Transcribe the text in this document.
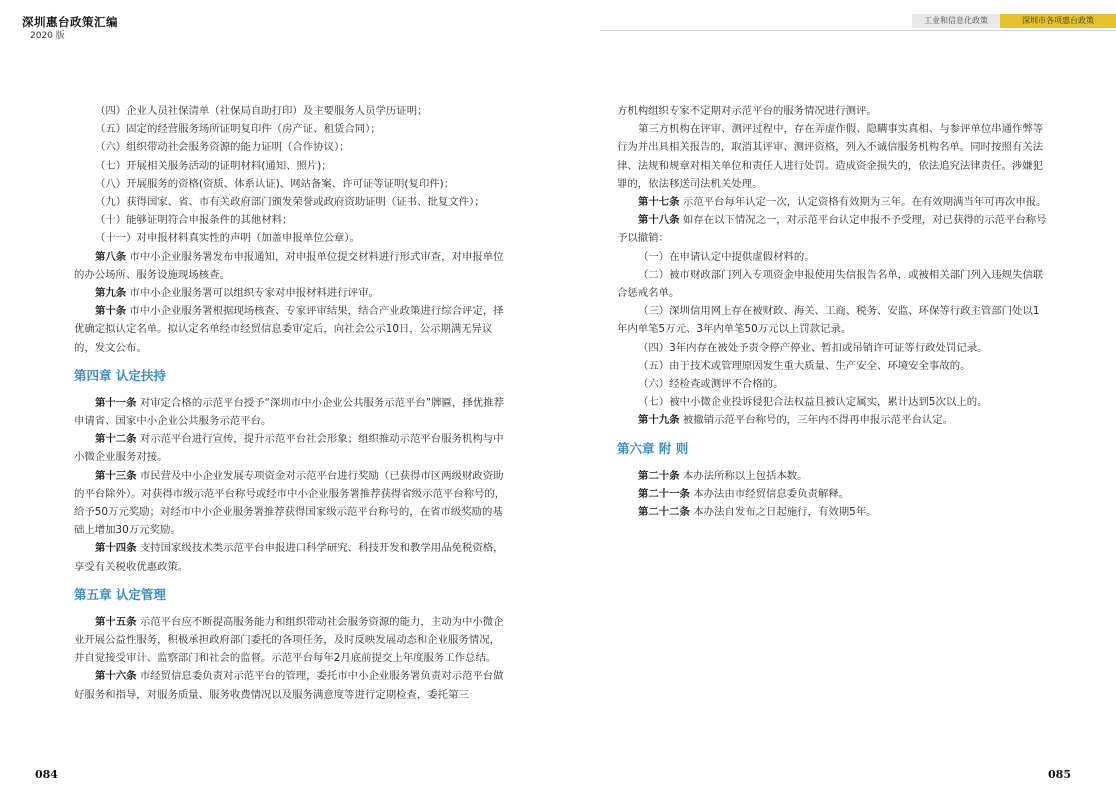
深圳惠台政策汇编
2020 版
工业和信息化政策	深圳市各项惠台政策

（四）企业人员社保清单（社保局自助打印）及主要服务人员学历证明；

（五）固定的经营服务场所证明复印件（房产证、租赁合同）；

（六）组织带动社会服务资源的能力证明（合作协议）；

（七）开展相关服务活动的证明材料(通知、照片)；

（八）开展服务的资格(资质、体系认证)、网站备案、许可证等证明(复印件)；

（九）获得国家、省、市有关政府部门颁发荣誉或政府资助证明（证书、批复文件）；

（十）能够证明符合申报条件的其他材料；

（十一）对申报材料真实性的声明（加盖申报单位公章）。

第八条 市中小企业服务署发布申报通知，对申报单位提交材料进行形式审查，对申报单位的办公场所、服务设施现场核查。

第九条 市中小企业服务署可以组织专家对申报材料进行评审。

第十条 市中小企业服务署根据现场核查、专家评审结果，结合产业政策进行综合评定，择优确定拟认定名单。拟认定名单经市经贸信息委审定后，向社会公示10日，公示期满无异议的，发文公布。

第四章 认定扶持

第十一条 对审定合格的示范平台授予“深圳市中小企业公共服务示范平台”牌匾，择优推荐申请省、国家中小企业公共服务示范平台。

第十二条 对示范平台进行宣传，提升示范平台社会形象；组织推动示范平台服务机构与中小微企业服务对接。

第十三条 市民营及中小企业发展专项资金对示范平台进行奖励（已获得市区两级财政资助的平台除外）。对获得市级示范平台称号或经市中小企业服务署推荐获得省级示范平台称号的，给予50万元奖励；对经市中小企业服务署推荐获得国家级示范平台称号的，在省市级奖励的基础上增加30万元奖励。

第十四条 支持国家级技术类示范平台申报进口科学研究、科技开发和教学用品免税资格，享受有关税收优惠政策。

第五章 认定管理

第十五条 示范平台应不断提高服务能力和组织带动社会服务资源的能力，主动为中小微企业开展公益性服务，积极承担政府部门委托的各项任务，及时反映发展动态和企业服务情况，并自觉接受审计、监察部门和社会的监督。示范平台每年2月底前提交上年度服务工作总结。

第十六条 市经贸信息委负责对示范平台的管理，委托市中小企业服务署负责对示范平台做好服务和指导，对服务质量、服务收费情况以及服务满意度等进行定期检查，委托第三

方机构组织专家不定期对示范平台的服务情况进行测评。

第三方机构在评审、测评过程中，存在弄虚作假、隐瞒事实真相、与参评单位串通作弊等行为并出具相关报告的，取消其评审、测评资格，列入不诚信服务机构名单。同时按照有关法律、法规和规章对相关单位和责任人进行处罚。造成资金损失的，依法追究法律责任。涉嫌犯罪的，依法移送司法机关处理。

第十七条 示范平台每年认定一次，认定资格有效期为三年。在有效期满当年可再次申报。

第十八条 如存在以下情况之一，对示范平台认定申报不予受理，对已获得的示范平台称号予以撤销：

（一）在申请认定中提供虚假材料的。

（二）被市财政部门列入专项资金申报使用失信报告名单，或被相关部门列入违规失信联合惩戒名单。

（三）深圳信用网上存在被财政、海关、工商、税务、安监、环保等行政主管部门处以1年内单笔5万元、3年内单笔50万元以上罚款记录。

（四）3年内存在被处予责令停产停业、暂扣或吊销许可证等行政处罚记录。

（五）由于技术或管理原因发生重大质量、生产安全、环境安全事故的。

（六）经检查或测评不合格的。

（七）被中小微企业投诉侵犯合法权益且被认定属实，累计达到5次以上的。

第十九条 被撤销示范平台称号的，三年内不得再申报示范平台认定。

第六章 附 则

第二十条 本办法所称以上包括本数。

第二十一条 本办法由市经贸信息委负责解释。

第二十二条 本办法自发布之日起施行，有效期5年。

084	085
